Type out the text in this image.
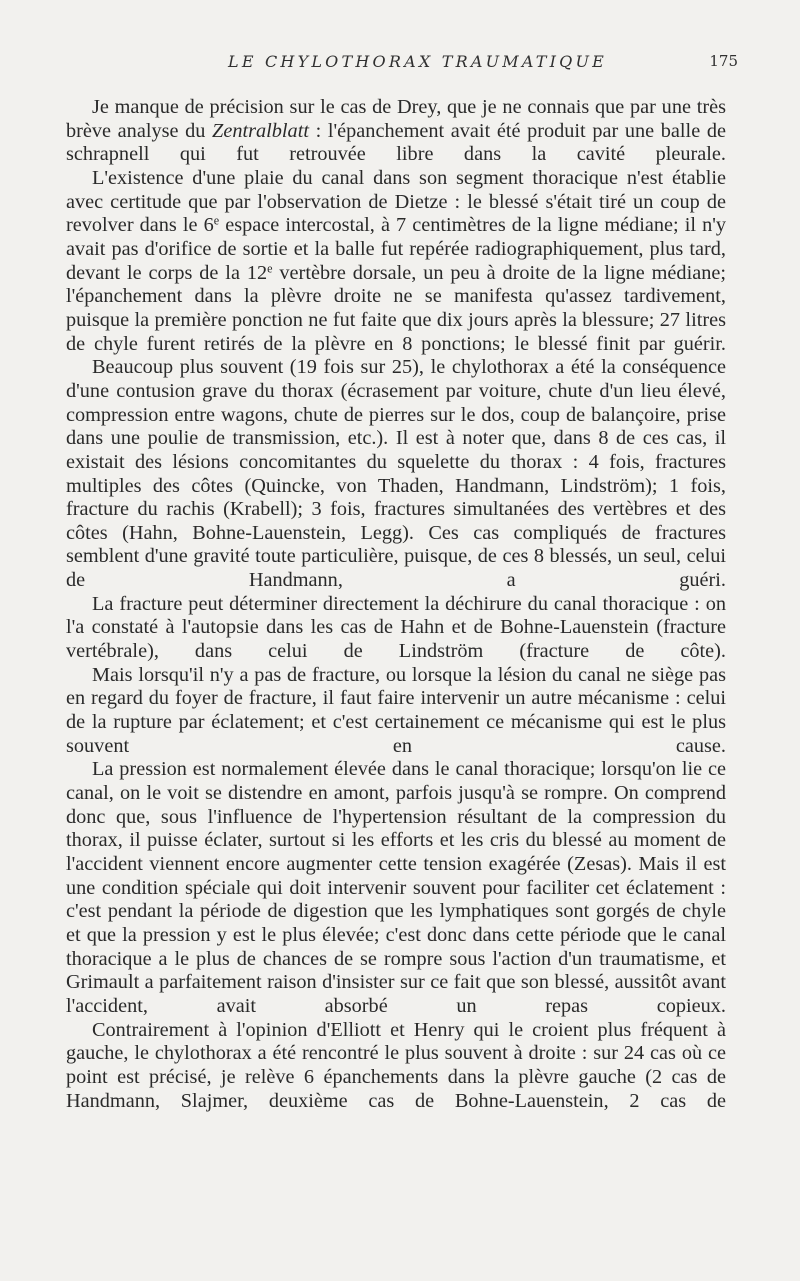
LE CHYLOTHORAX TRAUMATIQUE	175

Je manque de précision sur le cas de Drey, que je ne connais que par une très brève analyse du Zentralblatt : l'épanchement avait été produit par une balle de schrapnell qui fut retrouvée libre dans la cavité pleurale.

L'existence d'une plaie du canal dans son segment thoracique n'est établie avec certitude que par l'observation de Dietze : le blessé s'était tiré un coup de revolver dans le 6e espace intercostal, à 7 centimètres de la ligne médiane; il n'y avait pas d'orifice de sortie et la balle fut repérée radiographiquement, plus tard, devant le corps de la 12e vertèbre dorsale, un peu à droite de la ligne médiane; l'épanchement dans la plèvre droite ne se manifesta qu'assez tardivement, puisque la première ponction ne fut faite que dix jours après la blessure; 27 litres de chyle furent retirés de la plèvre en 8 ponctions; le blessé finit par guérir.

Beaucoup plus souvent (19 fois sur 25), le chylothorax a été la conséquence d'une contusion grave du thorax (écrasement par voiture, chute d'un lieu élevé, compression entre wagons, chute de pierres sur le dos, coup de balançoire, prise dans une poulie de transmission, etc.). Il est à noter que, dans 8 de ces cas, il existait des lésions concomitantes du squelette du thorax : 4 fois, fractures multiples des côtes (Quincke, von Thaden, Handmann, Lindström); 1 fois, fracture du rachis (Krabell); 3 fois, fractures simultanées des vertèbres et des côtes (Hahn, Bohne-Lauenstein, Legg). Ces cas compliqués de fractures semblent d'une gravité toute particulière, puisque, de ces 8 blessés, un seul, celui de Handmann, a guéri.

La fracture peut déterminer directement la déchirure du canal thoracique : on l'a constaté à l'autopsie dans les cas de Hahn et de Bohne-Lauenstein (fracture vertébrale), dans celui de Lindström (fracture de côte).

Mais lorsqu'il n'y a pas de fracture, ou lorsque la lésion du canal ne siège pas en regard du foyer de fracture, il faut faire intervenir un autre mécanisme : celui de la rupture par éclatement; et c'est certainement ce mécanisme qui est le plus souvent en cause.

La pression est normalement élevée dans le canal thoracique; lorsqu'on lie ce canal, on le voit se distendre en amont, parfois jusqu'à se rompre. On comprend donc que, sous l'influence de l'hypertension résultant de la compression du thorax, il puisse éclater, surtout si les efforts et les cris du blessé au moment de l'accident viennent encore augmenter cette tension exagérée (Zesas). Mais il est une condition spéciale qui doit intervenir souvent pour faciliter cet éclatement : c'est pendant la période de digestion que les lymphatiques sont gorgés de chyle et que la pression y est le plus élevée; c'est donc dans cette période que le canal thoracique a le plus de chances de se rompre sous l'action d'un traumatisme, et Grimault a parfaitement raison d'insister sur ce fait que son blessé, aussitôt avant l'accident, avait absorbé un repas copieux.

Contrairement à l'opinion d'Elliott et Henry qui le croient plus fréquent à gauche, le chylothorax a été rencontré le plus souvent à droite : sur 24 cas où ce point est précisé, je relève 6 épanchements dans la plèvre gauche (2 cas de Handmann, Slajmer, deuxième cas de Bohne-Lauenstein, 2 cas de
